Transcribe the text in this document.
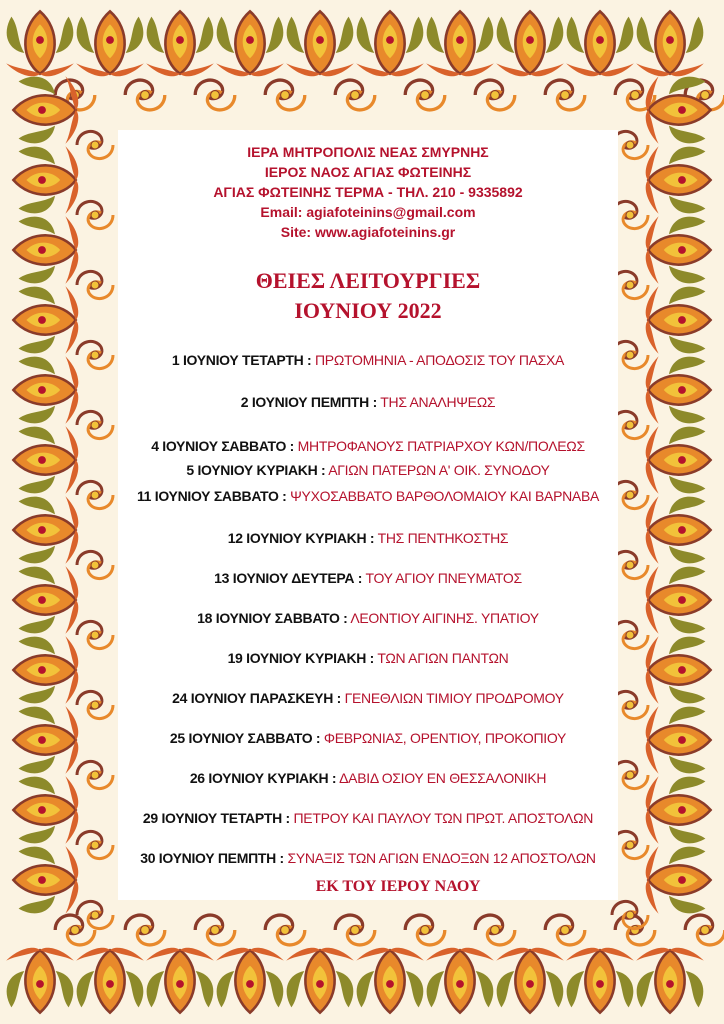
ΙΕΡΑ ΜΗΤΡΟΠΟΛΙΣ ΝΕΑΣ ΣΜΥΡΝΗΣ
ΙΕΡΟΣ ΝΑΟΣ ΑΓΙΑΣ ΦΩΤΕΙΝΗΣ
ΑΓΙΑΣ ΦΩΤΕΙΝΗΣ ΤΕΡΜΑ - ΤΗΛ. 210 - 9335892
Email: agiafoteinins@gmail.com
Site: www.agiafoteinins.gr
ΘΕΙΕΣ ΛΕΙΤΟΥΡΓΙΕΣ
ΙΟΥΝΙΟΥ 2022
1 ΙΟΥΝΙΟΥ ΤΕΤΑΡΤΗ : ΠΡΩΤΟΜΗΝΙΑ - ΑΠΟΔΟΣΙΣ ΤΟΥ ΠΑΣΧΑ
2 ΙΟΥΝΙΟΥ ΠΕΜΠΤΗ : ΤΗΣ ΑΝΑΛΗΨΕΩΣ
4 ΙΟΥΝΙΟΥ ΣΑΒΒΑΤΟ : ΜΗΤΡΟΦΑΝΟΥΣ ΠΑΤΡΙΑΡΧΟΥ ΚΩΝ/ΠΟΛΕΩΣ
5 ΙΟΥΝΙΟΥ ΚΥΡΙΑΚΗ : ΑΓΙΩΝ ΠΑΤΕΡΩΝ Α' ΟΙΚ. ΣΥΝΟΔΟΥ
11 ΙΟΥΝΙΟΥ ΣΑΒΒΑΤΟ : ΨΥΧΟΣΑΒΒΑΤΟ ΒΑΡΘΟΛΟΜΑΙΟΥ ΚΑΙ ΒΑΡΝΑΒΑ
12 ΙΟΥΝΙΟΥ ΚΥΡΙΑΚΗ : ΤΗΣ ΠΕΝΤΗΚΟΣΤΗΣ
13 ΙΟΥΝΙΟΥ ΔΕΥΤΕΡΑ : ΤΟΥ ΑΓΙΟΥ ΠΝΕΥΜΑΤΟΣ
18 ΙΟΥΝΙΟΥ ΣΑΒΒΑΤΟ : ΛΕΟΝΤΙΟΥ ΑΙΓΙΝΗΣ. ΥΠΑΤΙΟΥ
19 ΙΟΥΝΙΟΥ ΚΥΡΙΑΚΗ : ΤΩΝ ΑΓΙΩΝ ΠΑΝΤΩΝ
24 ΙΟΥΝΙΟΥ ΠΑΡΑΣΚΕΥΗ : ΓΕΝΕΘΛΙΩΝ ΤΙΜΙΟΥ ΠΡΟΔΡΟΜΟΥ
25 ΙΟΥΝΙΟΥ ΣΑΒΒΑΤΟ : ΦΕΒΡΩΝΙΑΣ, ΟΡΕΝΤΙΟΥ, ΠΡΟΚΟΠΙΟΥ
26 ΙΟΥΝΙΟΥ ΚΥΡΙΑΚΗ : ΔΑΒΙΔ ΟΣΙΟΥ ΕΝ ΘΕΣΣΑΛΟΝΙΚΗ
29 ΙΟΥΝΙΟΥ ΤΕΤΑΡΤΗ : ΠΕΤΡΟΥ ΚΑΙ ΠΑΥΛΟΥ ΤΩΝ ΠΡΩΤ. ΑΠΟΣΤΟΛΩΝ
30 ΙΟΥΝΙΟΥ ΠΕΜΠΤΗ : ΣΥΝΑΞΙΣ ΤΩΝ ΑΓΙΩΝ ΕΝΔΟΞΩΝ 12 ΑΠΟΣΤΟΛΩΝ
ΕΚ ΤΟΥ ΙΕΡΟΥ ΝΑΟΥ
